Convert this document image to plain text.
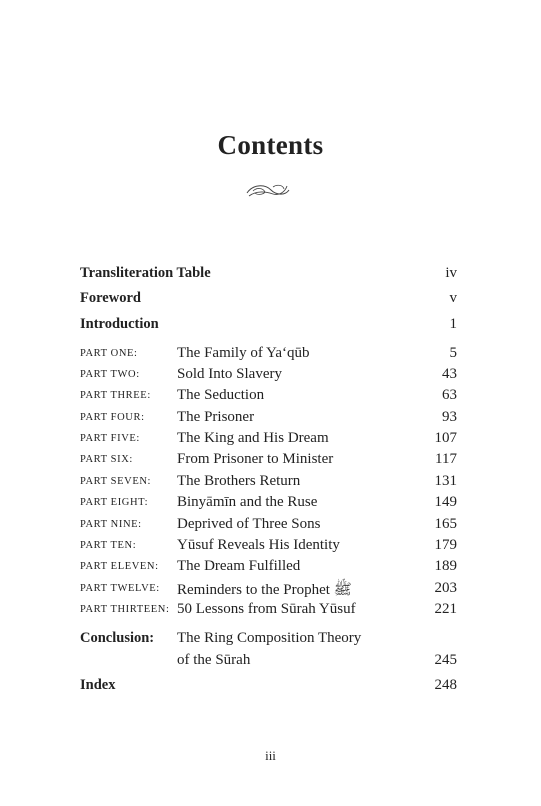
Contents
Transliteration Table	iv
Foreword	v
Introduction	1
PART ONE:	The Family of Ya‘qūb	5
PART TWO: Sold Into Slavery	43
PART THREE: The Seduction	63
PART FOUR: The Prisoner	93
PART FIVE: The King and His Dream	107
PART SIX:	From Prisoner to Minister	117
PART SEVEN: The Brothers Return	131
PART EIGHT: Binyāmīn and the Ruse	149
PART NINE: Deprived of Three Sons	165
PART TEN:	Yūsuf Reveals His Identity	179
PART ELEVEN: The Dream Fulfilled	189
PART TWELVE: Reminders to the Prophet ﷺ	203
PART THIRTEEN: 50 Lessons from Sūrah Yūsuf	221
Conclusion: The Ring Composition Theory
of the Sūrah	245
Index	248
iii
